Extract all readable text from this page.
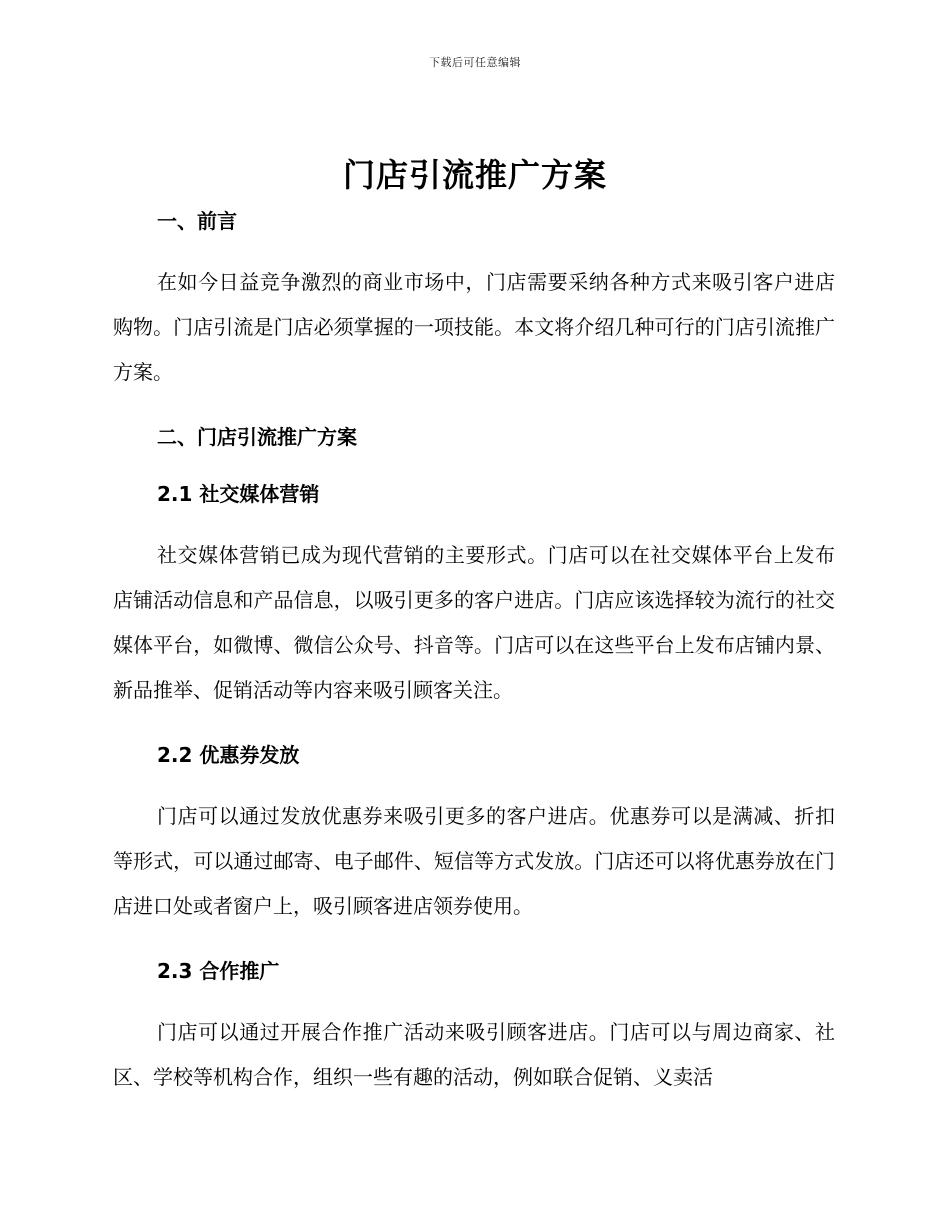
下载后可任意编辑
门店引流推广方案

一、前言

在如今日益竞争激烈的商业市场中，门店需要采纳各种方式来吸引客户进店购物。门店引流是门店必须掌握的一项技能。本文将介绍几种可行的门店引流推广方案。

二、门店引流推广方案

2.1 社交媒体营销

社交媒体营销已成为现代营销的主要形式。门店可以在社交媒体平台上发布店铺活动信息和产品信息，以吸引更多的客户进店。门店应该选择较为流行的社交媒体平台，如微博、微信公众号、抖音等。门店可以在这些平台上发布店铺内景、新品推举、促销活动等内容来吸引顾客关注。

2.2 优惠券发放

门店可以通过发放优惠券来吸引更多的客户进店。优惠券可以是满减、折扣等形式，可以通过邮寄、电子邮件、短信等方式发放。门店还可以将优惠券放在门店进口处或者窗户上，吸引顾客进店领券使用。

2.3 合作推广

门店可以通过开展合作推广活动来吸引顾客进店。门店可以与周边商家、社区、学校等机构合作，组织一些有趣的活动，例如联合促销、义卖活
